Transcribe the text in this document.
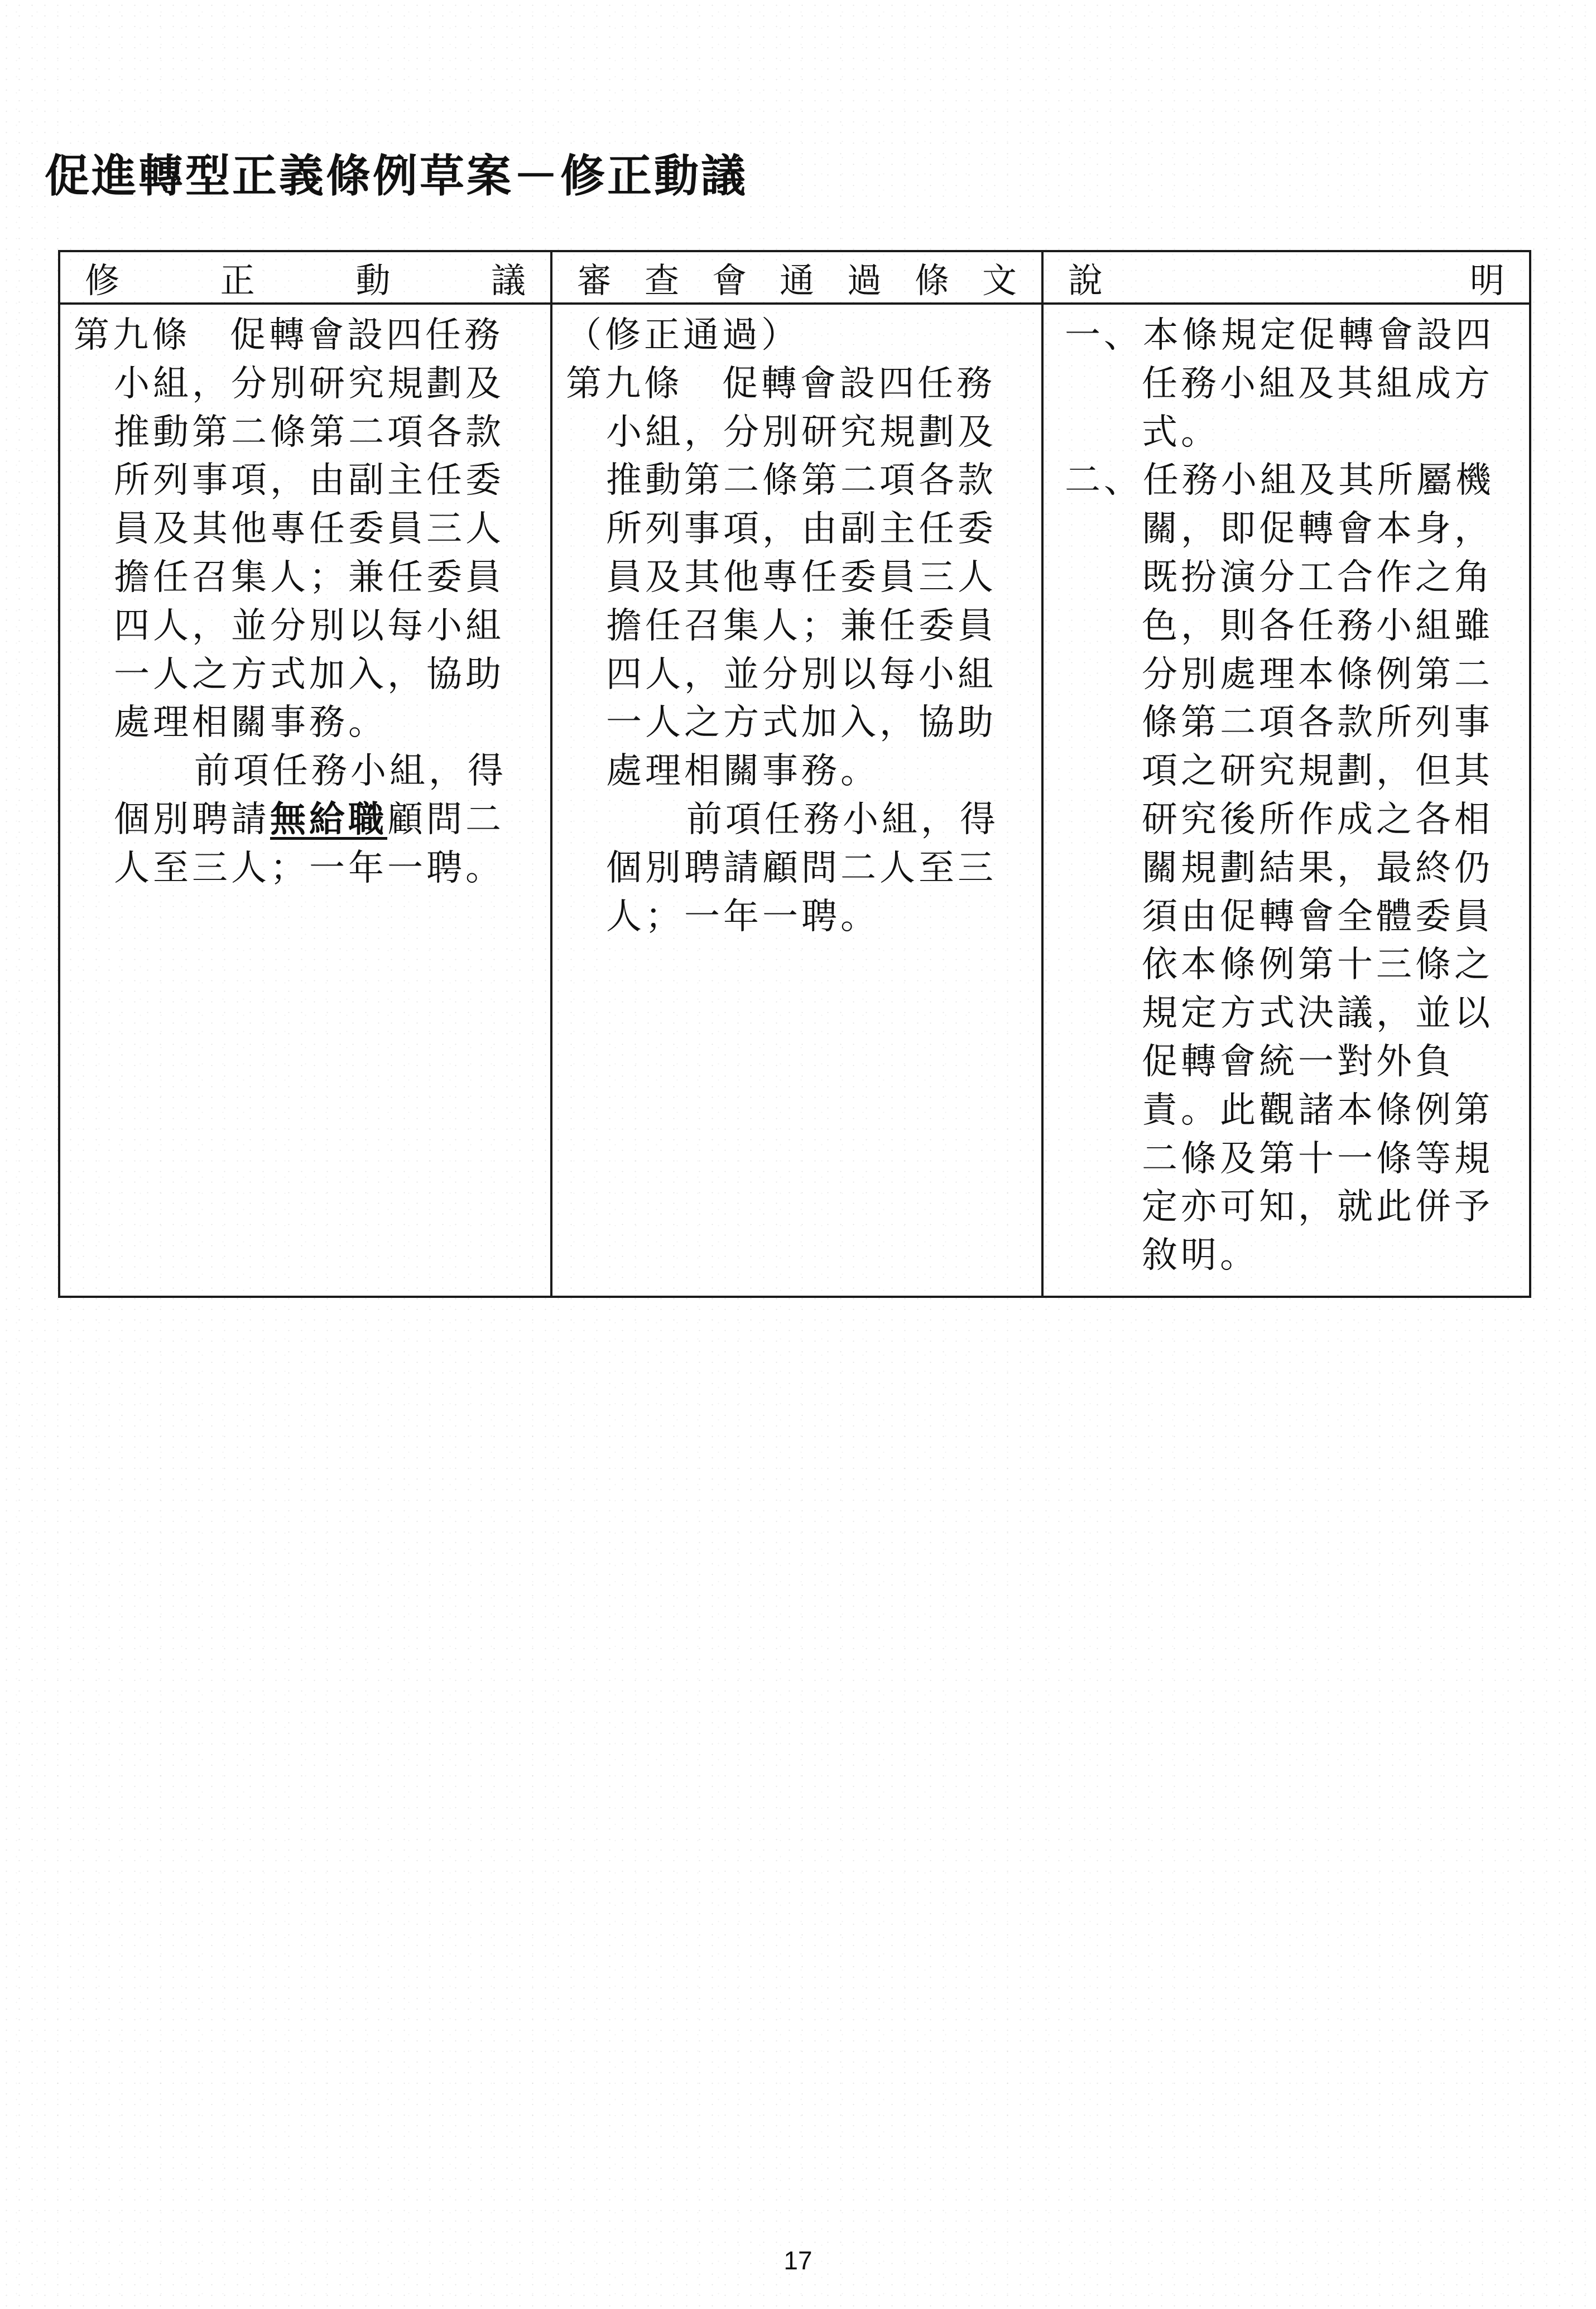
促進轉型正義條例草案－修正動議
修　　正　　動　　議 審查會通過條文 說　　　　　　明

第九條　促轉會設四任務小組，分別研究規劃及推動第二條第二項各款所列事項，由副主任委員及其他專任委員三人擔任召集人；兼任委員四人，並分別以每小組一人之方式加入，協助處理相關事務。

前項任務小組，得個別聘請無給職顧問二人至三人；一年一聘。

（修正通過）

第九條　促轉會設四任務小組，分別研究規劃及推動第二條第二項各款所列事項，由副主任委員及其他專任委員三人擔任召集人；兼任委員四人，並分別以每小組一人之方式加入，協助處理相關事務。

前項任務小組，得個別聘請顧問二人至三人；一年一聘。

一、本條規定促轉會設四任務小組及其組成方式。

二、任務小組及其所屬機關，即促轉會本身，既扮演分工合作之角色，則各任務小組雖分別處理本條例第二條第二項各款所列事項之研究規劃，但其研究後所作成之各相關規劃結果，最終仍須由促轉會全體委員依本條例第十三條之規定方式決議，並以促轉會統一對外負責。此觀諸本條例第二條及第十一條等規定亦可知，就此併予敘明。

17
